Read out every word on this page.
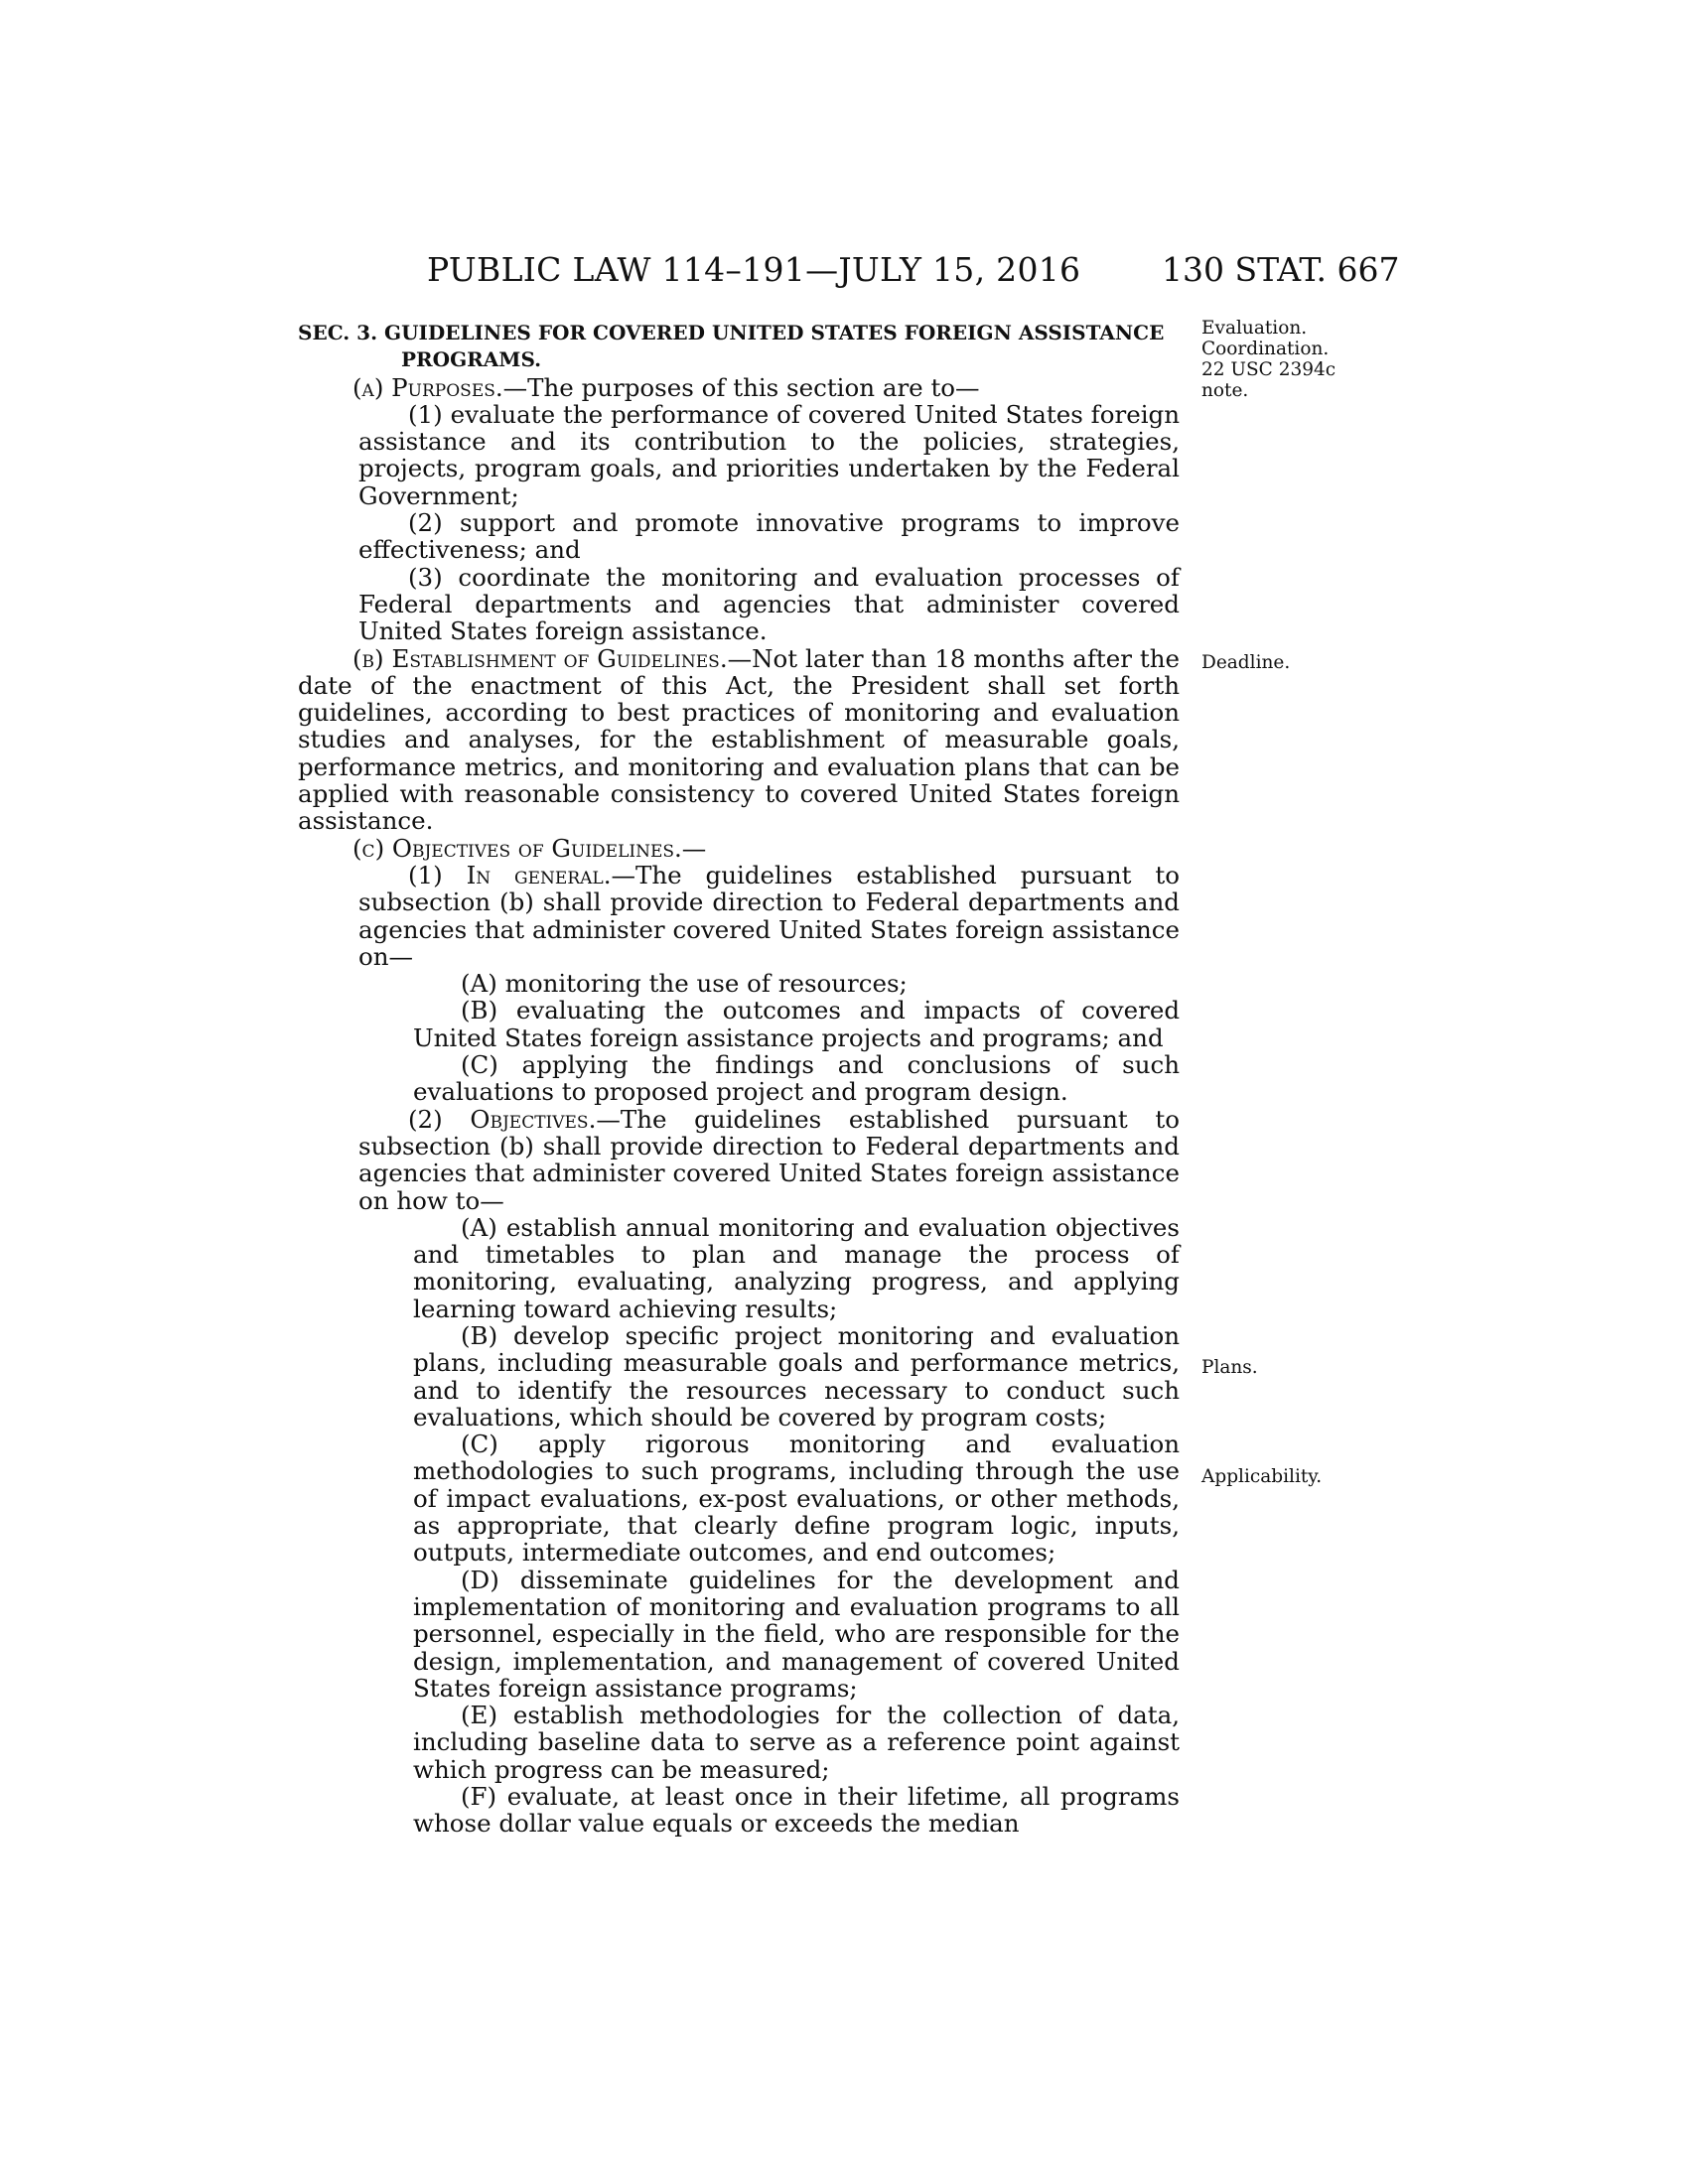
PUBLIC LAW 114–191—JULY 15, 2016 130 STAT. 667

SEC. 3. GUIDELINES FOR COVERED UNITED STATES FOREIGN ASSISTANCE PROGRAMS.

(a) Purposes.—The purposes of this section are to—

(1) evaluate the performance of covered United States foreign assistance and its contribution to the policies, strategies, projects, program goals, and priorities undertaken by the Federal Government;

(2) support and promote innovative programs to improve effectiveness; and

(3) coordinate the monitoring and evaluation processes of Federal departments and agencies that administer covered United States foreign assistance.

(b) Establishment of Guidelines.—Not later than 18 months after the date of the enactment of this Act, the President shall set forth guidelines, according to best practices of monitoring and evaluation studies and analyses, for the establishment of measurable goals, performance metrics, and monitoring and evaluation plans that can be applied with reasonable consistency to covered United States foreign assistance.

(c) Objectives of Guidelines.—

(1) In general.—The guidelines established pursuant to subsection (b) shall provide direction to Federal departments and agencies that administer covered United States foreign assistance on—

(A) monitoring the use of resources;

(B) evaluating the outcomes and impacts of covered United States foreign assistance projects and programs; and

(C) applying the findings and conclusions of such evaluations to proposed project and program design.

(2) Objectives.—The guidelines established pursuant to subsection (b) shall provide direction to Federal departments and agencies that administer covered United States foreign assistance on how to—

(A) establish annual monitoring and evaluation objectives and timetables to plan and manage the process of monitoring, evaluating, analyzing progress, and applying learning toward achieving results;

(B) develop specific project monitoring and evaluation plans, including measurable goals and performance metrics, and to identify the resources necessary to conduct such evaluations, which should be covered by program costs;

(C) apply rigorous monitoring and evaluation methodologies to such programs, including through the use of impact evaluations, ex-post evaluations, or other methods, as appropriate, that clearly define program logic, inputs, outputs, intermediate outcomes, and end outcomes;

(D) disseminate guidelines for the development and implementation of monitoring and evaluation programs to all personnel, especially in the field, who are responsible for the design, implementation, and management of covered United States foreign assistance programs;

(E) establish methodologies for the collection of data, including baseline data to serve as a reference point against which progress can be measured;

(F) evaluate, at least once in their lifetime, all programs whose dollar value equals or exceeds the median

Evaluation.
Coordination.
22 USC 2394c
note.
Deadline.
Plans.
Applicability.
